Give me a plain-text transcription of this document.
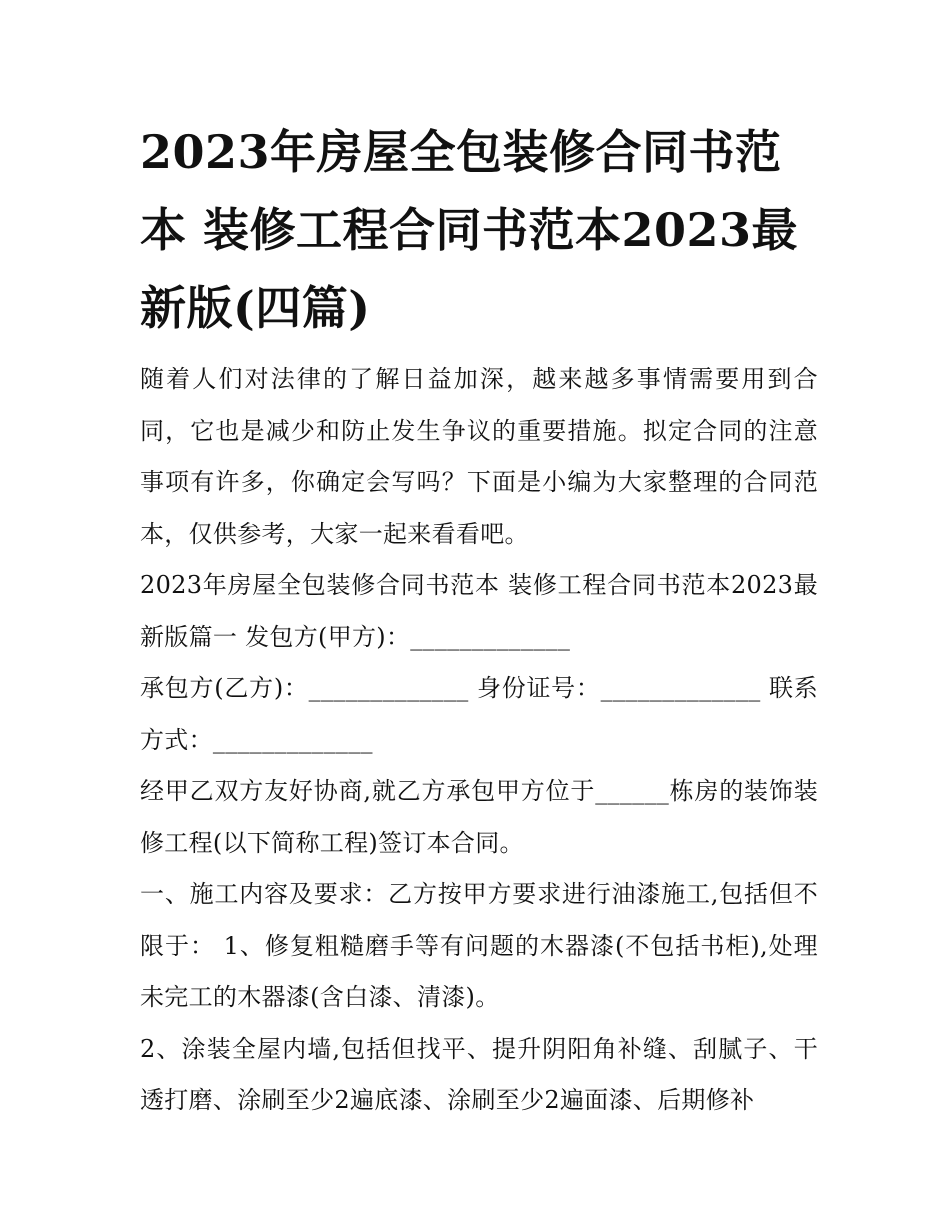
2023年房屋全包装修合同书范本 装修工程合同书范本2023最新版(四篇)

随着人们对法律的了解日益加深，越来越多事情需要用到合同，它也是减少和防止发生争议的重要措施。拟定合同的注意事项有许多，你确定会写吗？下面是小编为大家整理的合同范本，仅供参考，大家一起来看看吧。

2023年房屋全包装修合同书范本 装修工程合同书范本2023最新版篇一 发包方(甲方)：_____________

承包方(乙方)：_____________ 身份证号：_____________ 联系方式：_____________

经甲乙双方友好协商,就乙方承包甲方位于______栋房的装饰装修工程(以下简称工程)签订本合同。

一、施工内容及要求：乙方按甲方要求进行油漆施工,包括但不限于： 1、修复粗糙磨手等有问题的木器漆(不包括书柜),处理未完工的木器漆(含白漆、清漆)。

2、涂装全屋内墙,包括但找平、提升阴阳角补缝、刮腻子、干透打磨、涂刷至少2遍底漆、涂刷至少2遍面漆、后期修补
